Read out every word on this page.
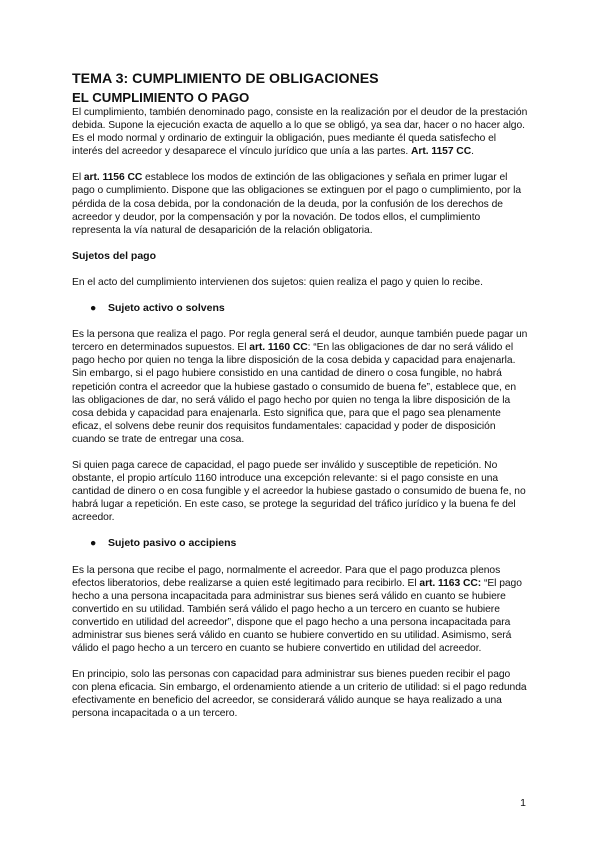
TEMA 3: CUMPLIMIENTO DE OBLIGACIONES
EL CUMPLIMIENTO O PAGO

El cumplimiento, también denominado pago, consiste en la realización por el deudor de la prestación debida. Supone la ejecución exacta de aquello a lo que se obligó, ya sea dar, hacer o no hacer algo. Es el modo normal y ordinario de extinguir la obligación, pues mediante él queda satisfecho el interés del acreedor y desaparece el vínculo jurídico que unía a las partes. Art. 1157 CC.

El art. 1156 CC establece los modos de extinción de las obligaciones y señala en primer lugar el pago o cumplimiento. Dispone que las obligaciones se extinguen por el pago o cumplimiento, por la pérdida de la cosa debida, por la condonación de la deuda, por la confusión de los derechos de acreedor y deudor, por la compensación y por la novación. De todos ellos, el cumplimiento representa la vía natural de desaparición de la relación obligatoria.

Sujetos del pago

En el acto del cumplimiento intervienen dos sujetos: quien realiza el pago y quien lo recibe.

● Sujeto activo o solvens

Es la persona que realiza el pago. Por regla general será el deudor, aunque también puede pagar un tercero en determinados supuestos. El art. 1160 CC: “En las obligaciones de dar no será válido el pago hecho por quien no tenga la libre disposición de la cosa debida y capacidad para enajenarla. Sin embargo, si el pago hubiere consistido en una cantidad de dinero o cosa fungible, no habrá repetición contra el acreedor que la hubiese gastado o consumido de buena fe”, establece que, en las obligaciones de dar, no será válido el pago hecho por quien no tenga la libre disposición de la cosa debida y capacidad para enajenarla. Esto significa que, para que el pago sea plenamente eficaz, el solvens debe reunir dos requisitos fundamentales: capacidad y poder de disposición cuando se trate de entregar una cosa.

Si quien paga carece de capacidad, el pago puede ser inválido y susceptible de repetición. No obstante, el propio artículo 1160 introduce una excepción relevante: si el pago consiste en una cantidad de dinero o en cosa fungible y el acreedor la hubiese gastado o consumido de buena fe, no habrá lugar a repetición. En este caso, se protege la seguridad del tráfico jurídico y la buena fe del acreedor.

● Sujeto pasivo o accipiens

Es la persona que recibe el pago, normalmente el acreedor. Para que el pago produzca plenos efectos liberatorios, debe realizarse a quien esté legitimado para recibirlo. El art. 1163 CC: “El pago hecho a una persona incapacitada para administrar sus bienes será válido en cuanto se hubiere convertido en su utilidad. También será válido el pago hecho a un tercero en cuanto se hubiere convertido en utilidad del acreedor”, dispone que el pago hecho a una persona incapacitada para administrar sus bienes será válido en cuanto se hubiere convertido en su utilidad. Asimismo, será válido el pago hecho a un tercero en cuanto se hubiere convertido en utilidad del acreedor.

En principio, solo las personas con capacidad para administrar sus bienes pueden recibir el pago con plena eficacia. Sin embargo, el ordenamiento atiende a un criterio de utilidad: si el pago redunda efectivamente en beneficio del acreedor, se considerará válido aunque se haya realizado a una persona incapacitada o a un tercero.

1
